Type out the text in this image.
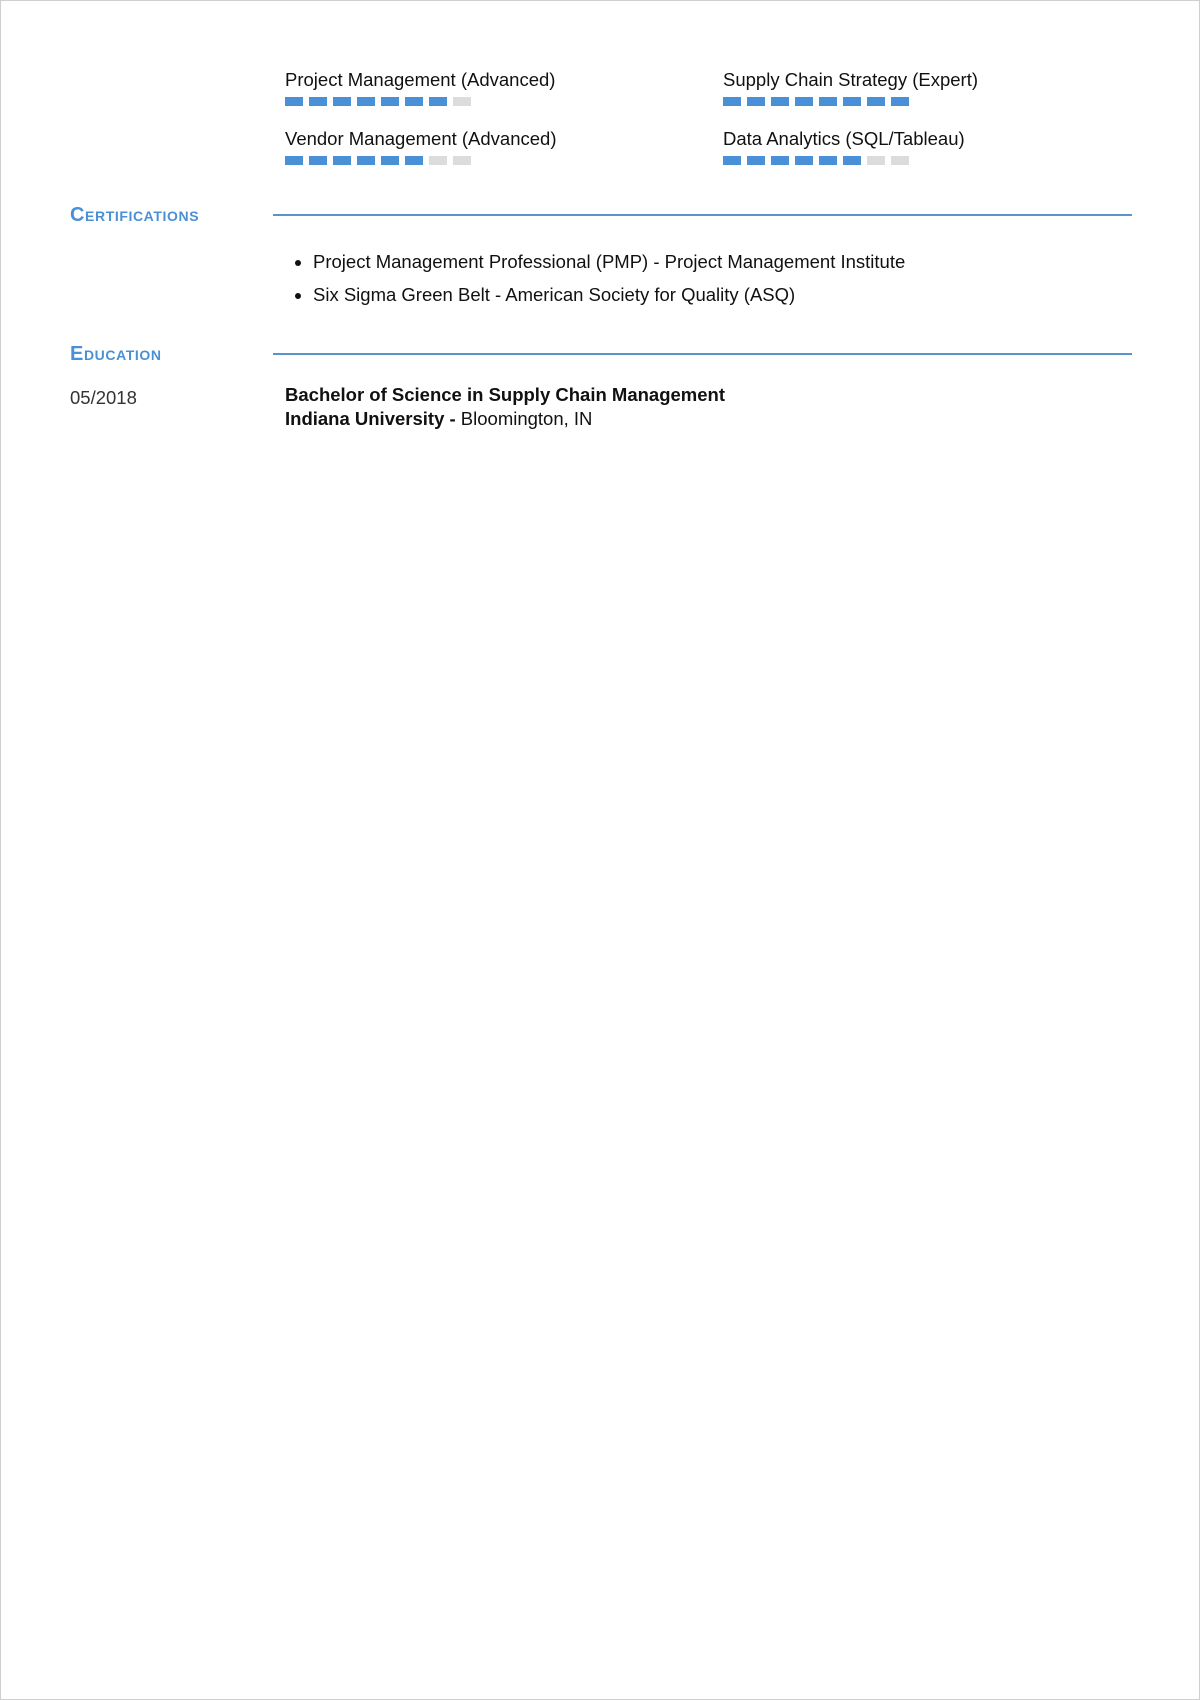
Project Management (Advanced)	Supply Chain Strategy (Expert)
Vendor Management (Advanced)	Data Analytics (SQL/Tableau)
Certifications
• Project Management Professional (PMP) - Project Management Institute
• Six Sigma Green Belt - American Society for Quality (ASQ)
Education
05/2018	Bachelor of Science in Supply Chain Management
Indiana University - Bloomington, IN
